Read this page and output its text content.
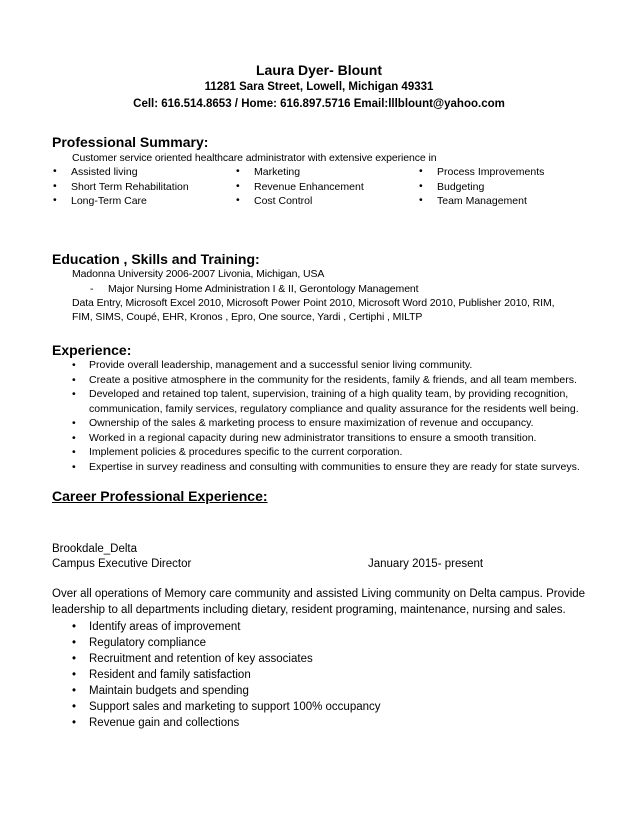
Laura Dyer- Blount
11281 Sara Street, Lowell, Michigan 49331
Cell: 616.514.8653 / Home: 616.897.5716 Email:lllblount@yahoo.com
Professional Summary:
Customer service oriented healthcare administrator with extensive experience in
• Assisted living
• Short Term Rehabilitation
• Long-Term Care
• Marketing
• Revenue Enhancement
• Cost Control
• Process Improvements
• Budgeting
• Team Management
Education , Skills and Training:
Madonna University 2006-2007 Livonia, Michigan, USA
- Major Nursing Home Administration I & II, Gerontology Management
Data Entry, Microsoft Excel 2010, Microsoft Power Point 2010, Microsoft Word 2010, Publisher 2010, RIM,
FIM, SIMS, Coupé, EHR, Kronos , Epro, One source, Yardi , Certiphi , MILTP
Experience:
• Provide overall leadership, management and a successful senior living community.
• Create a positive atmosphere in the community for the residents, family & friends, and all team members.
• Developed and retained top talent, supervision, training of a high quality team, by providing recognition, communication, family services, regulatory compliance and quality assurance for the residents well being.
• Ownership of the sales & marketing process to ensure maximization of revenue and occupancy.
• Worked in a regional capacity during new administrator transitions to ensure a smooth transition.
• Implement policies & procedures specific to the current corporation.
• Expertise in survey readiness and consulting with communities to ensure they are ready for state surveys.
Career Professional Experience:
Brookdale_Delta
Campus Executive Director	January 2015- present
Over all operations of Memory care community and assisted Living community on Delta campus. Provide
leadership to all departments including dietary, resident programing, maintenance, nursing and sales.
• Identify areas of improvement
• Regulatory compliance
• Recruitment and retention of key associates
• Resident and family satisfaction
• Maintain budgets and spending
• Support sales and marketing to support 100% occupancy
• Revenue gain and collections
